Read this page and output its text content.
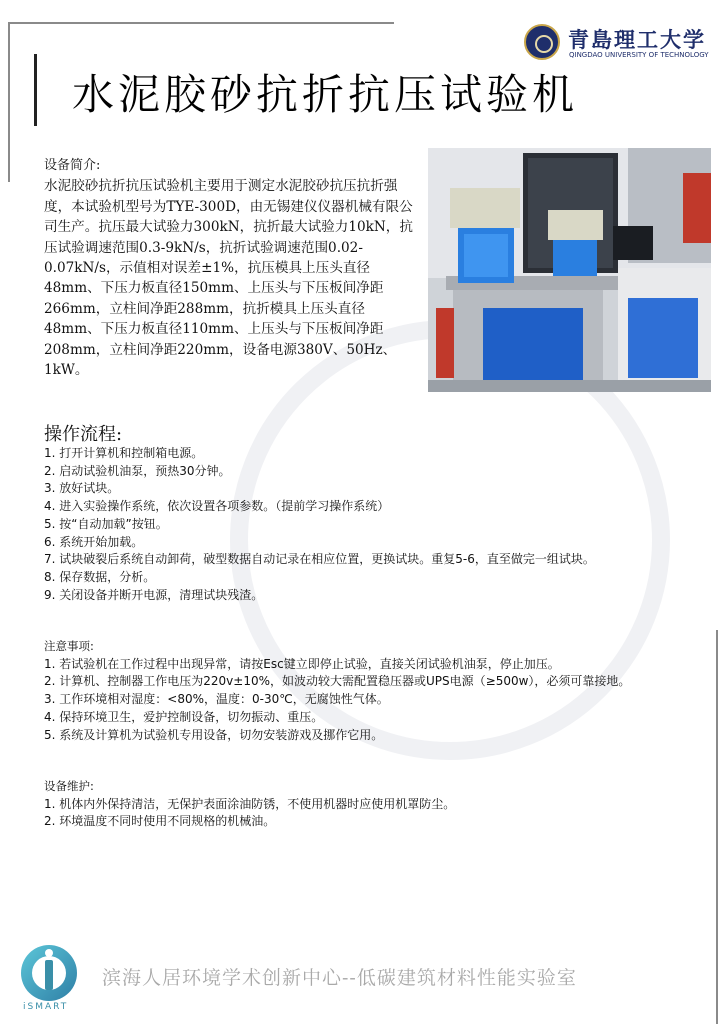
水泥胶砂抗折抗压试验机
青島理工大学
QINGDAO UNIVERSITY OF TECHNOLOGY
设备简介:
水泥胶砂抗折抗压试验机主要用于测定水泥胶砂抗压抗折强度，本试验机型号为TYE-300D，由无锡建仪仪器机械有限公司生产。抗压最大试验力300kN，抗折最大试验力10kN，抗压试验调速范围0.3-9kN/s，抗折试验调速范围0.02-0.07kN/s，示值相对误差±1%，抗压模具上压头直径48mm、下压力板直径150mm、上压头与下压板间净距266mm，立柱间净距288mm，抗折模具上压头直径48mm、下压力板直径110mm、上压头与下压板间净距208mm，立柱间净距220mm，设备电源380V、50Hz、1kW。
操作流程:

1. 打开计算机和控制箱电源。

2. 启动试验机油泵，预热30分钟。

3. 放好试块。

4. 进入实验操作系统，依次设置各项参数。（提前学习操作系统）

5. 按“自动加载”按钮。

6. 系统开始加载。

7. 试块破裂后系统自动卸荷，破型数据自动记录在相应位置，更换试块。重复5-6，直至做完一组试块。

8. 保存数据，分析。

9. 关闭设备并断开电源，清理试块残渣。

注意事项:

1. 若试验机在工作过程中出现异常，请按Esc键立即停止试验，直接关闭试验机油泵，停止加压。

2. 计算机、控制器工作电压为220v±10%，如波动较大需配置稳压器或UPS电源（≥500w），必须可靠接地。

3. 工作环境相对湿度：<80%，温度：0-30℃，无腐蚀性气体。

4. 保持环境卫生，爱护控制设备，切勿振动、重压。

5. 系统及计算机为试验机专用设备，切勿安装游戏及挪作它用。

设备维护:

1. 机体内外保持清洁，无保护表面涂油防锈，不使用机器时应使用机罩防尘。

2. 环境温度不同时使用不同规格的机械油。

iSMART
滨海人居环境学术创新中心--低碳建筑材料性能实验室
